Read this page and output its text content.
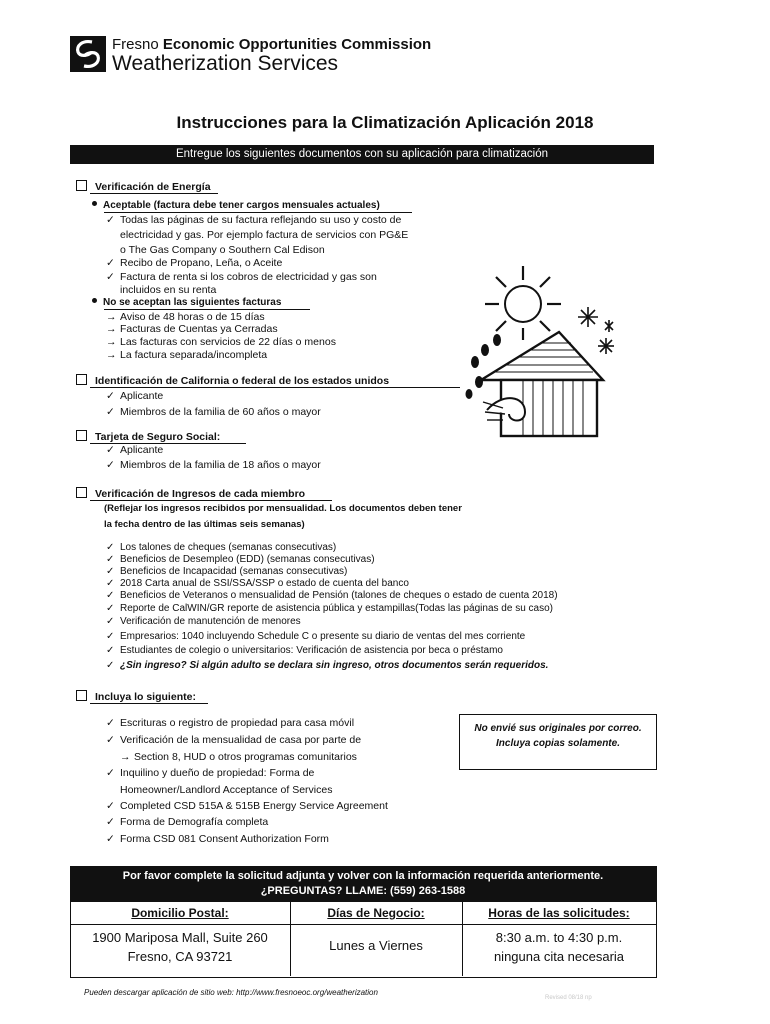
Fresno Economic Opportunities Commission
Weatherization Services
Instrucciones para la Climatización Aplicación 2018
Entregue los siguientes documentos con su aplicación para climatización
Verificación de Energía
Aceptable (factura debe tener cargos mensuales actuales)
✓ Todas las páginas de su factura reflejando su uso y costo de
electricidad y gas. Por ejemplo factura de servicios con PG&E
o The Gas Company o Southern Cal Edison
✓ Recibo de Propano, Leña, o Aceite
✓ Factura de renta si los cobros de electricidad y gas son
incluidos en su renta
No se aceptan las siguientes facturas
→ Aviso de 48 horas o de 15 días
→ Facturas de Cuentas ya Cerradas
→ Las facturas con servicios de 22 días o menos
→ La factura separada/incompleta
Identificación de California o federal de los estados unidos
✓ Aplicante
✓ Miembros de la familia de 60 años o mayor
Tarjeta de Seguro Social:
✓ Aplicante
✓ Miembros de la familia de 18 años o mayor
Verificación de Ingresos de cada miembro
(Reflejar los ingresos recibidos por mensualidad. Los documentos deben tener
la fecha dentro de las últimas seis semanas)
✓ Los talones de cheques (semanas consecutivas)
✓ Beneficios de Desempleo (EDD) (semanas consecutivas)
✓ Beneficios de Incapacidad (semanas consecutivas)
✓ 2018 Carta anual de SSI/SSA/SSP o estado de cuenta del banco
✓ Beneficios de Veteranos o mensualidad de Pensión (talones de cheques o estado de cuenta 2018)
✓ Reporte de CalWIN/GR reporte de asistencia pública y estampillas(Todas las páginas de su caso)
✓ Verificación de manutención de menores
✓ Empresarios: 1040 incluyendo Schedule C o presente su diario de ventas del mes corriente
✓ Estudiantes de colegio o universitarios: Verificación de asistencia por beca o préstamo
✓ ¿Sin ingreso? Si algún adulto se declara sin ingreso, otros documentos serán requeridos.
Incluya lo siguiente:
✓ Escrituras o registro de propiedad para casa móvil
✓ Verificación de la mensualidad de casa por parte de
→ Section 8, HUD o otros programas comunitarios
✓ Inquilino y dueño de propiedad: Forma de
Homeowner/Landlord Acceptance of Services
✓ Completed CSD 515A & 515B Energy Service Agreement
✓ Forma de Demografía completa
✓ Forma CSD 081 Consent Authorization Form
No envié sus originales por correo.
Incluya copias solamente.
Por favor complete la solicitud adjunta y volver con la información requerida anteriormente.
¿PREGUNTAS? LLAME: (559) 263-1588
Domicilio Postal:	Días de Negocio:	Horas de las solicitudes:
1900 Mariposa Mall, Suite 260
Fresno, CA 93721
Lunes a Viernes
8:30 a.m. to 4:30 p.m.
ninguna cita necesaria
Pueden descargar aplicación de sitio web: http://www.fresnoeoc.org/weatherization
Revised 08/18 np
